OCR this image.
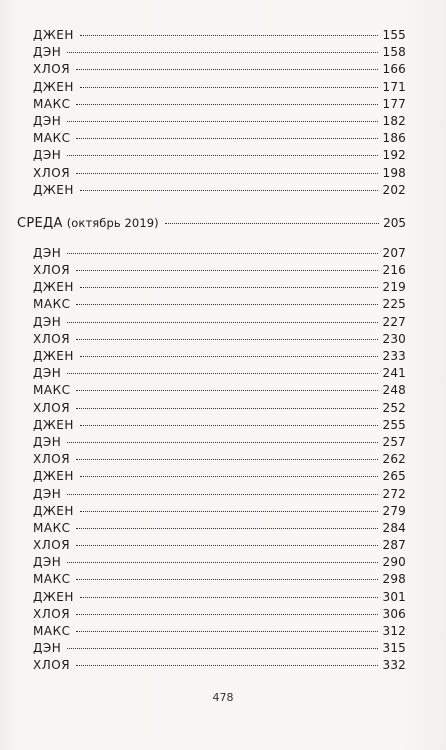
ДЖЕН	155
ДЭН	158
ХЛОЯ	166
ДЖЕН	171
МАКС	177
ДЭН	182
МАКС	186
ДЭН	192
ХЛОЯ	198
ДЖЕН	202
СРЕДА (октябрь 2019)	205
ДЭН	207
ХЛОЯ	216
ДЖЕН	219
МАКС	225
ДЭН	227
ХЛОЯ	230
ДЖЕН	233
ДЭН	241
МАКС	248
ХЛОЯ	252
ДЖЕН	255
ДЭН	257
ХЛОЯ	262
ДЖЕН	265
ДЭН	272
ДЖЕН	279
МАКС	284
ХЛОЯ	287
ДЭН	290
МАКС	298
ДЖЕН	301
ХЛОЯ	306
МАКС	312
ДЭН	315
ХЛОЯ	332
478
